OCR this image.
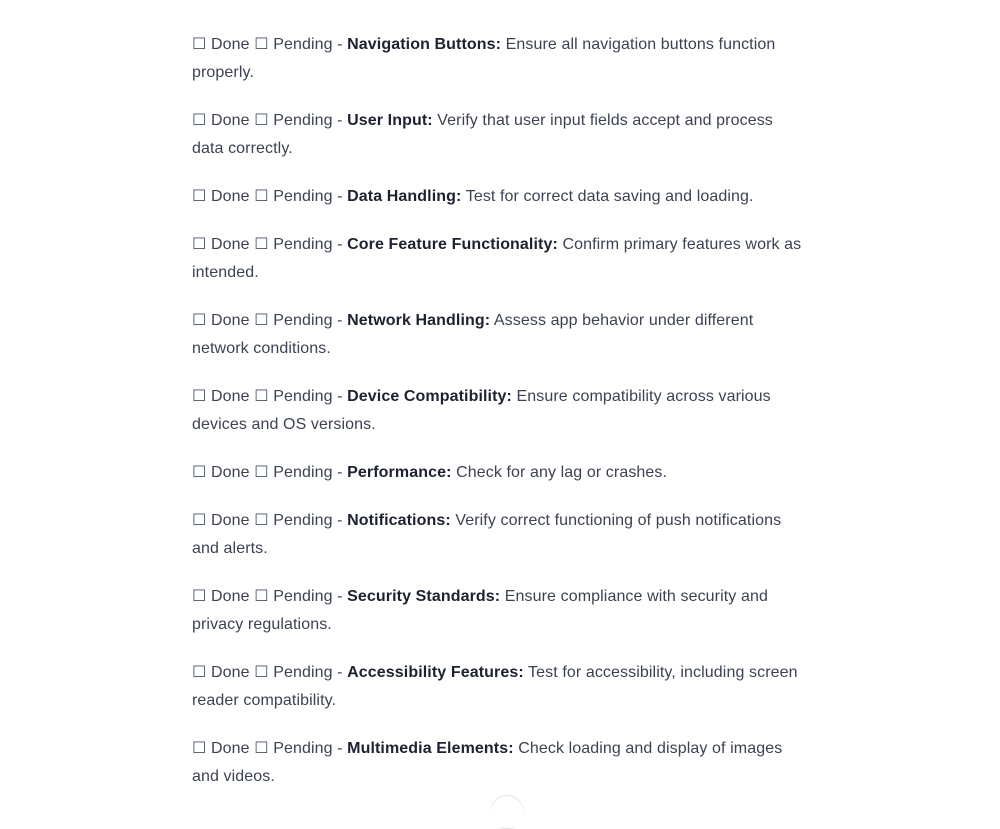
☐ Done ☐ Pending - Navigation Buttons: Ensure all navigation buttons function properly.

☐ Done ☐ Pending - User Input: Verify that user input fields accept and process data correctly.

☐ Done ☐ Pending - Data Handling: Test for correct data saving and loading.

☐ Done ☐ Pending - Core Feature Functionality: Confirm primary features work as intended.

☐ Done ☐ Pending - Network Handling: Assess app behavior under different network conditions.

☐ Done ☐ Pending - Device Compatibility: Ensure compatibility across various devices and OS versions.

☐ Done ☐ Pending - Performance: Check for any lag or crashes.

☐ Done ☐ Pending - Notifications: Verify correct functioning of push notifications and alerts.

☐ Done ☐ Pending - Security Standards: Ensure compliance with security and privacy regulations.

☐ Done ☐ Pending - Accessibility Features: Test for accessibility, including screen reader compatibility.

☐ Done ☐ Pending - Multimedia Elements: Check loading and display of images and videos.
